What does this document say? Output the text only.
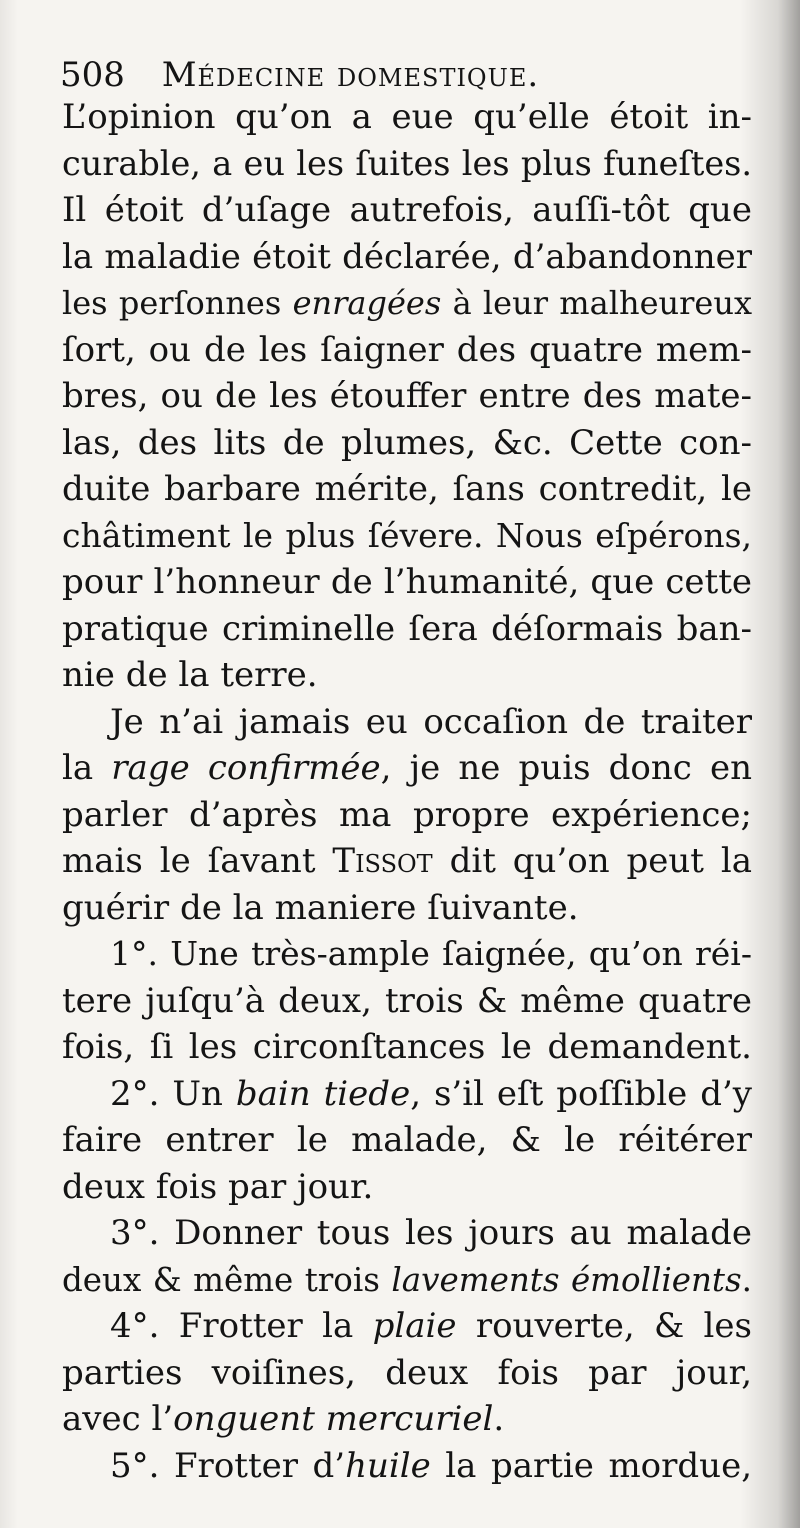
508 Médecine domestique.
L’opinion qu’on a eue qu’elle étoit in-
curable, a eu les ſuites les plus funeſtes.
Il étoit d’uſage autrefois, auſſi-tôt que
la maladie étoit déclarée, d’abandonner
les perſonnes enragées à leur malheureux
ſort, ou de les ſaigner des quatre mem-
bres, ou de les étouffer entre des mate-
las, des lits de plumes, &c. Cette con-
duite barbare mérite, ſans contredit, le
châtiment le plus ſévere. Nous eſpérons,
pour l’honneur de l’humanité, que cette
pratique criminelle ſera déſormais ban-
nie de la terre.
Je n’ai jamais eu occaſion de traiter
la rage confirmée, je ne puis donc en
parler d’après ma propre expérience;
mais le ſavant Tissot dit qu’on peut la
guérir de la maniere ſuivante.
1°. Une très-ample ſaignée, qu’on réi-
tere juſqu’à deux, trois & même quatre
fois, ſi les circonſtances le demandent.
2°. Un bain tiede, s’il eſt poſſible d’y
faire entrer le malade, & le réitérer
deux fois par jour.
3°. Donner tous les jours au malade
deux & même trois lavements émollients.
4°. Frotter la plaie rouverte, & les
parties voiſines, deux fois par jour,
avec l’onguent mercuriel.
5°. Frotter d’huile la partie mordue,
